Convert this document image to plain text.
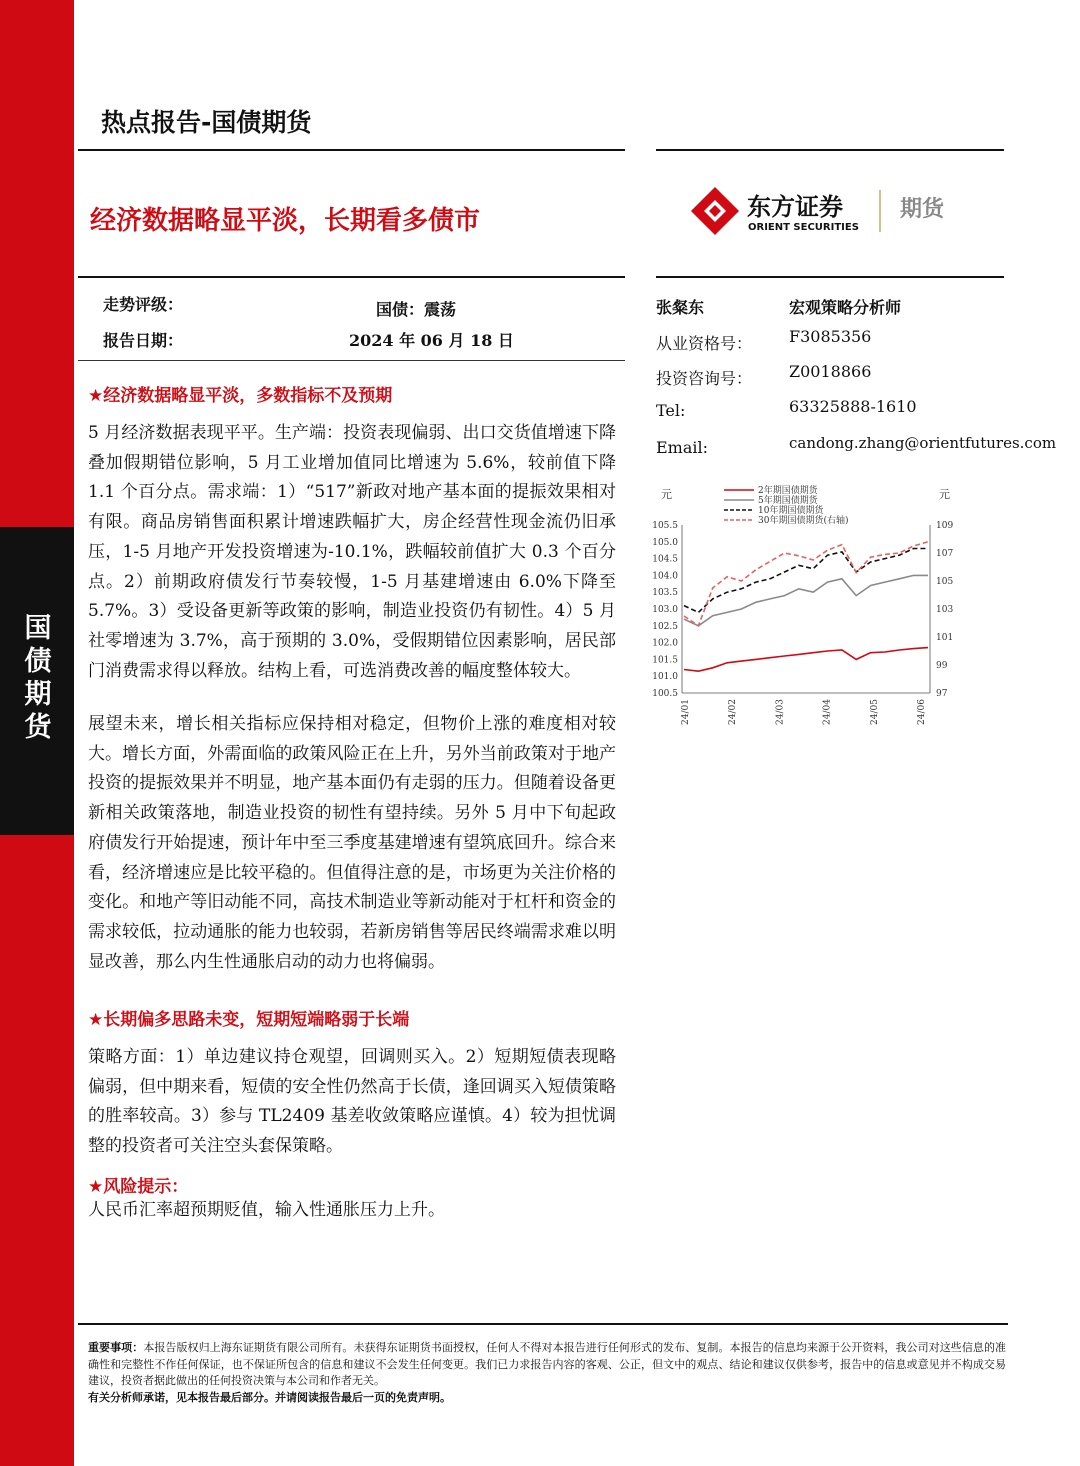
国
债
期
货
热点报告-国债期货
经济数据略显平淡，长期看多债市	东方证券
ORIENT SECURITIES
期货
走势评级：	国债：震荡
报告日期：	2024 年 06 月 18 日
张粲东	宏观策略分析师
从业资格号： F3085356
投资咨询号： Z0018866
Tel:	63325888-1610
Email:	candong.zhang@orientfutures.com
元	元
2年期国债期货
5年期国债期货
10年期国债期货
30年期国债期货(右轴)
105.5
105.0
104.5
104.0
103.5
103.0
102.5
102.0
101.5
101.0
100.5
109
107
105
103
101
99
97
24/01	24/02	24/03	24/04	24/05	24/06
★经济数据略显平淡，多数指标不及预期

5 月经济数据表现平平。生产端：投资表现偏弱、出口交货值增速下降叠加假期错位影响，5 月工业增加值同比增速为 5.6%，较前值下降 1.1 个百分点。需求端：1）“517”新政对地产基本面的提振效果相对有限。商品房销售面积累计增速跌幅扩大，房企经营性现金流仍旧承压，1-5 月地产开发投资增速为-10.1%，跌幅较前值扩大 0.3 个百分点。2）前期政府债发行节奏较慢，1-5 月基建增速由 6.0%下降至 5.7%。3）受设备更新等政策的影响，制造业投资仍有韧性。4）5 月社零增速为 3.7%，高于预期的 3.0%，受假期错位因素影响，居民部门消费需求得以释放。结构上看，可选消费改善的幅度整体较大。

展望未来，增长相关指标应保持相对稳定，但物价上涨的难度相对较大。增长方面，外需面临的政策风险正在上升，另外当前政策对于地产投资的提振效果并不明显，地产基本面仍有走弱的压力。但随着设备更新相关政策落地，制造业投资的韧性有望持续。另外 5 月中下旬起政府债发行开始提速，预计年中至三季度基建增速有望筑底回升。综合来看，经济增速应是比较平稳的。但值得注意的是，市场更为关注价格的变化。和地产等旧动能不同，高技术制造业等新动能对于杠杆和资金的需求较低，拉动通胀的能力也较弱，若新房销售等居民终端需求难以明显改善，那么内生性通胀启动的动力也将偏弱。

★长期偏多思路未变，短期短端略弱于长端

策略方面：1）单边建议持仓观望，回调则买入。2）短期短债表现略偏弱，但中期来看，短债的安全性仍然高于长债，逢回调买入短债策略的胜率较高。3）参与 TL2409 基差收敛策略应谨慎。4）较为担忧调整的投资者可关注空头套保策略。

★风险提示：

人民币汇率超预期贬值，输入性通胀压力上升。

重要事项：本报告版权归上海东证期货有限公司所有。未获得东证期货书面授权，任何人不得对本报告进行任何形式的发布、复制。本报告的信息均来源于公开资料，我公司对这些信息的准确性和完整性不作任何保证，也不保证所包含的信息和建议不会发生任何变更。我们已力求报告内容的客观、公正，但文中的观点、结论和建议仅供参考，报告中的信息或意见并不构成交易建议，投资者据此做出的任何投资决策与本公司和作者无关。
有关分析师承诺，见本报告最后部分。并请阅读报告最后一页的免责声明。
